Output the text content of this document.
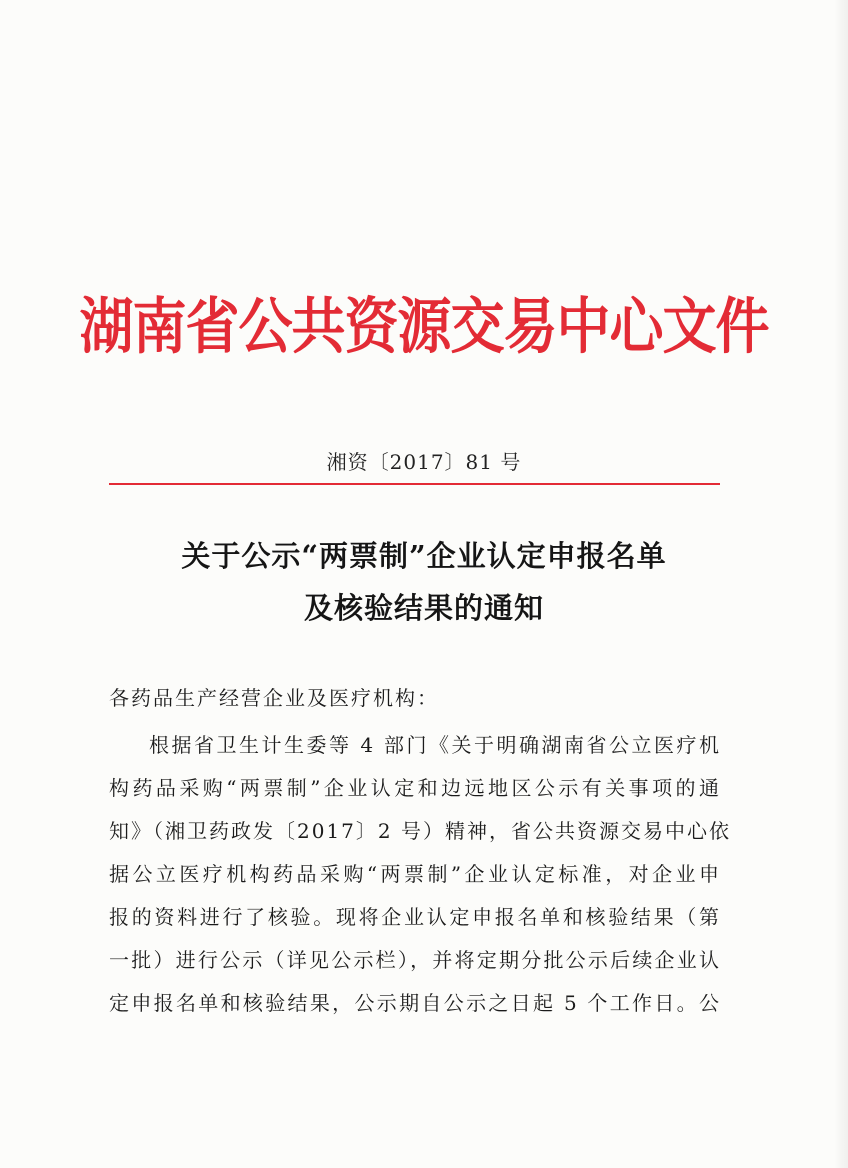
湖南省公共资源交易中心文件
湘资〔2017〕81 号
关于公示“两票制”企业认定申报名单
及核验结果的通知
各药品生产经营企业及医疗机构：
根据省卫生计生委等 4 部门《关于明确湖南省公立医疗机
构药品采购“两票制”企业认定和边远地区公示有关事项的通
知》（湘卫药政发〔2017〕2 号）精神，省公共资源交易中心依
据公立医疗机构药品采购“两票制”企业认定标准，对企业申
报的资料进行了核验。现将企业认定申报名单和核验结果（第
一批）进行公示（详见公示栏），并将定期分批公示后续企业认
定申报名单和核验结果，公示期自公示之日起 5 个工作日。公
